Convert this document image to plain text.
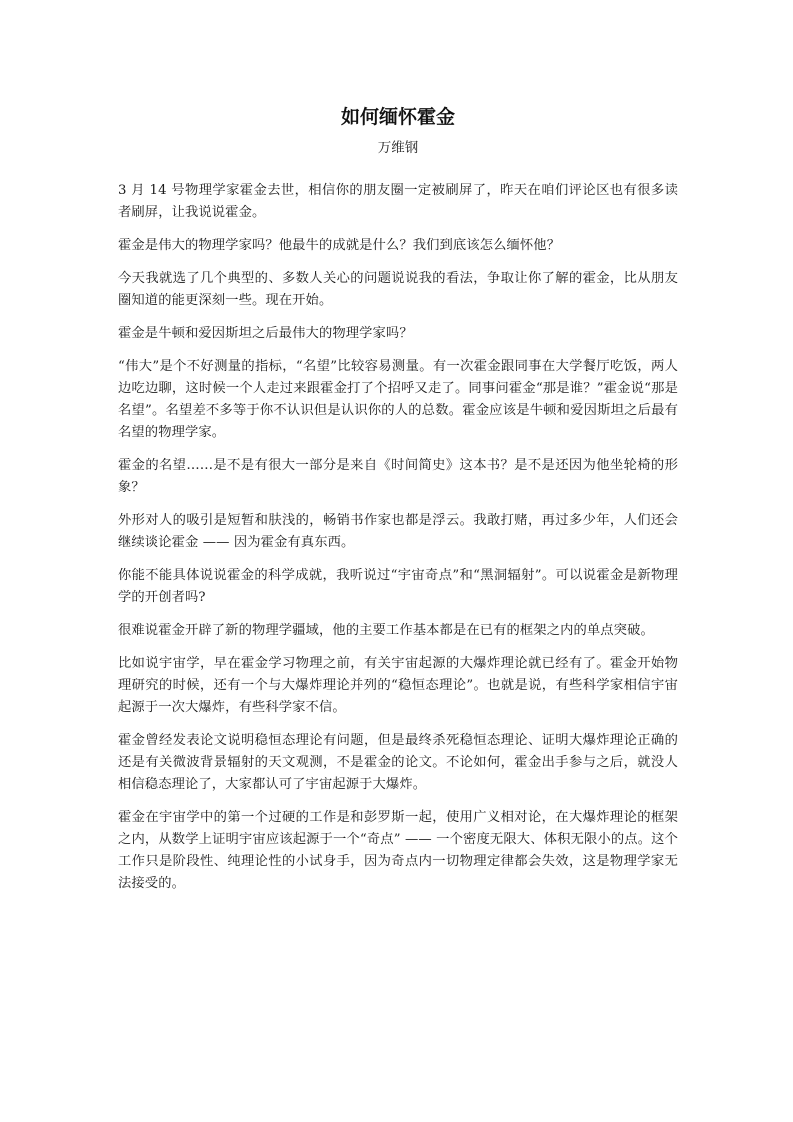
如何缅怀霍金
万维钢

3 月 14 号物理学家霍金去世，相信你的朋友圈一定被刷屏了，昨天在咱们评论区也有很多读者刷屏，让我说说霍金。

霍金是伟大的物理学家吗？他最牛的成就是什么？我们到底该怎么缅怀他？

今天我就选了几个典型的、多数人关心的问题说说我的看法，争取让你了解的霍金，比从朋友圈知道的能更深刻一些。现在开始。

霍金是牛顿和爱因斯坦之后最伟大的物理学家吗？

“伟大”是个不好测量的指标，“名望”比较容易测量。有一次霍金跟同事在大学餐厅吃饭，两人边吃边聊，这时候一个人走过来跟霍金打了个招呼又走了。同事问霍金“那是谁？”霍金说“那是名望”。名望差不多等于你不认识但是认识你的人的总数。霍金应该是牛顿和爱因斯坦之后最有名望的物理学家。

霍金的名望……是不是有很大一部分是来自《时间简史》这本书？是不是还因为他坐轮椅的形象？

外形对人的吸引是短暂和肤浅的，畅销书作家也都是浮云。我敢打赌，再过多少年，人们还会继续谈论霍金 —— 因为霍金有真东西。

你能不能具体说说霍金的科学成就，我听说过“宇宙奇点”和“黑洞辐射”。可以说霍金是新物理学的开创者吗?

很难说霍金开辟了新的物理学疆域，他的主要工作基本都是在已有的框架之内的单点突破。

比如说宇宙学，早在霍金学习物理之前，有关宇宙起源的大爆炸理论就已经有了。霍金开始物理研究的时候，还有一个与大爆炸理论并列的“稳恒态理论”。也就是说，有些科学家相信宇宙起源于一次大爆炸，有些科学家不信。

霍金曾经发表论文说明稳恒态理论有问题，但是最终杀死稳恒态理论、证明大爆炸理论正确的还是有关微波背景辐射的天文观测，不是霍金的论文。不论如何，霍金出手参与之后，就没人相信稳态理论了，大家都认可了宇宙起源于大爆炸。

霍金在宇宙学中的第一个过硬的工作是和彭罗斯一起，使用广义相对论，在大爆炸理论的框架之内，从数学上证明宇宙应该起源于一个“奇点” —— 一个密度无限大、体积无限小的点。这个工作只是阶段性、纯理论性的小试身手，因为奇点内一切物理定律都会失效，这是物理学家无法接受的。
